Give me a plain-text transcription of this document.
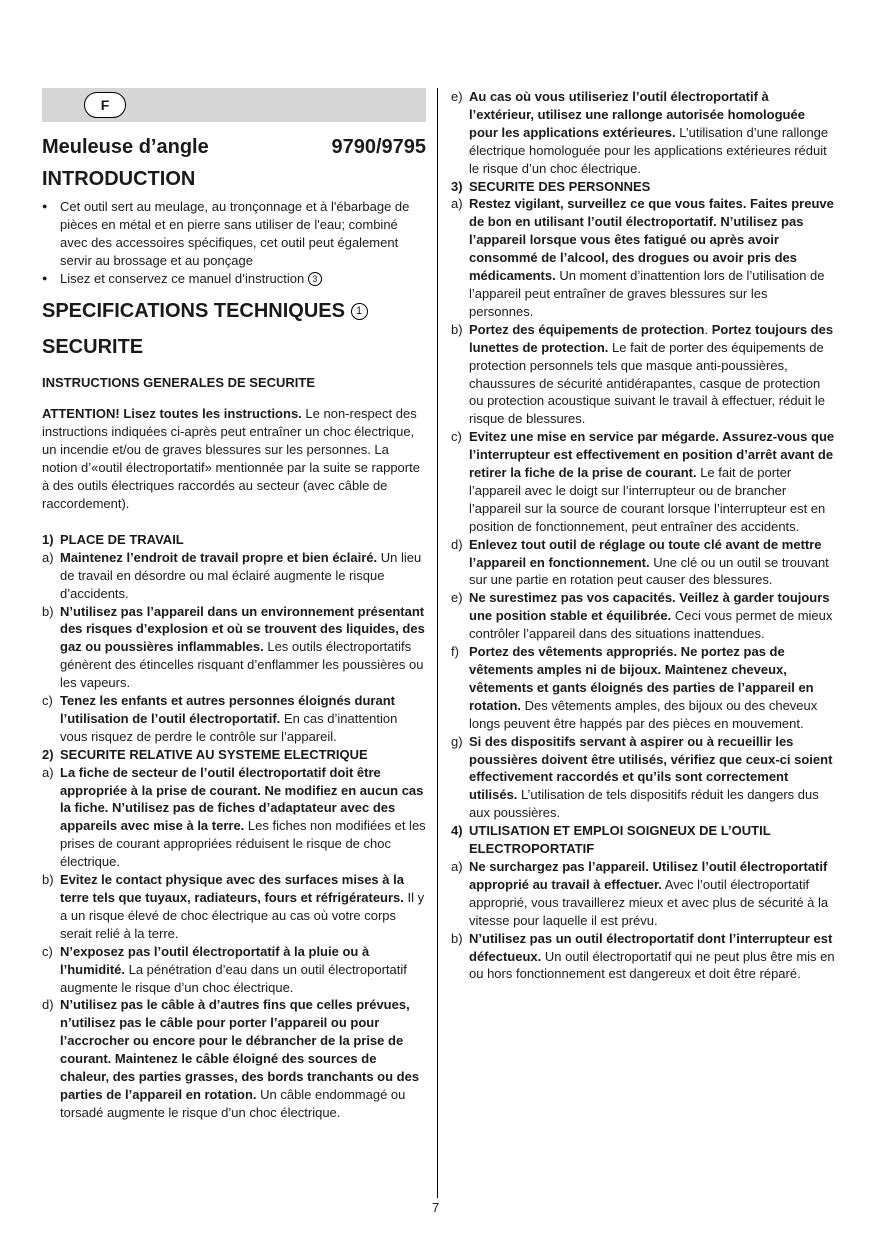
F
Meuleuse d’angle	9790/9795
INTRODUCTION
● Cet outil sert au meulage, au tronçonnage et à l'ébarbage de pièces en métal et en pierre sans utiliser de l'eau; combiné avec des accessoires spécifiques, cet outil peut également servir au brossage et au ponçage
● Lisez et conservez ce manuel d’instruction 3
SPECIFICATIONS TECHNIQUES 1
SECURITE
INSTRUCTIONS GENERALES DE SECURITE
ATTENTION! Lisez toutes les instructions. Le non-respect des instructions indiquées ci-après peut entraîner un choc électrique, un incendie et/ou de graves blessures sur les personnes. La notion d’«outil électroportatif» mentionnée par la suite se rapporte à des outils électriques raccordés au secteur (avec câble de raccordement).
1) PLACE DE TRAVAIL
a) Maintenez l’endroit de travail propre et bien éclairé. Un lieu de travail en désordre ou mal éclairé augmente le risque d’accidents.
b) N’utilisez pas l’appareil dans un environnement présentant des risques d’explosion et où se trouvent des liquides, des gaz ou poussières inflammables. Les outils électroportatifs génèrent des étincelles risquant d’enflammer les poussières ou les vapeurs.
c) Tenez les enfants et autres personnes éloignés durant l’utilisation de l’outil électroportatif. En cas d’inattention vous risquez de perdre le contrôle sur l’appareil.
2) SECURITE RELATIVE AU SYSTEME ELECTRIQUE
a) La fiche de secteur de l’outil électroportatif doit être appropriée à la prise de courant. Ne modifiez en aucun cas la fiche. N’utilisez pas de fiches d’adaptateur avec des appareils avec mise à la terre. Les fiches non modifiées et les prises de courant appropriées réduisent le risque de choc électrique.
b) Evitez le contact physique avec des surfaces mises à la terre tels que tuyaux, radiateurs, fours et réfrigérateurs. Il y a un risque élevé de choc électrique au cas où votre corps serait relié à la terre.
c) N’exposez pas l’outil électroportatif à la pluie ou à l’humidité. La pénétration d’eau dans un outil électroportatif augmente le risque d’un choc électrique.
d) N’utilisez pas le câble à d’autres fins que celles prévues, n’utilisez pas le câble pour porter l’appareil ou pour l’accrocher ou encore pour le débrancher de la prise de courant. Maintenez le câble éloigné des sources de chaleur, des parties grasses, des bords tranchants ou des parties de l’appareil en rotation. Un câble endommagé ou torsadé augmente le risque d’un choc électrique.
e) Au cas où vous utiliseriez l’outil électroportatif à l’extérieur, utilisez une rallonge autorisée homologuée pour les applications extérieures. L’utilisation d’une rallonge électrique homologuée pour les applications extérieures réduit le risque d’un choc électrique.
3) SECURITE DES PERSONNES
a) Restez vigilant, surveillez ce que vous faites. Faites preuve de bon en utilisant l’outil électroportatif. N’utilisez pas l’appareil lorsque vous êtes fatigué ou après avoir consommé de l’alcool, des drogues ou avoir pris des médicaments. Un moment d’inattention lors de l’utilisation de l’appareil peut entraîner de graves blessures sur les personnes.
b) Portez des équipements de protection. Portez toujours des lunettes de protection. Le fait de porter des équipements de protection personnels tels que masque anti-poussières, chaussures de sécurité antidérapantes, casque de protection ou protection acoustique suivant le travail à effectuer, réduit le risque de blessures.
c) Evitez une mise en service par mégarde. Assurez-vous que l’interrupteur est effectivement en position d’arrêt avant de retirer la fiche de la prise de courant. Le fait de porter l’appareil avec le doigt sur l’interrupteur ou de brancher l’appareil sur la source de courant lorsque l’interrupteur est en position de fonctionnement, peut entraîner des accidents.
d) Enlevez tout outil de réglage ou toute clé avant de mettre l’appareil en fonctionnement. Une clé ou un outil se trouvant sur une partie en rotation peut causer des blessures.
e) Ne surestimez pas vos capacités. Veillez à garder toujours une position stable et équilibrée. Ceci vous permet de mieux contrôler l’appareil dans des situations inattendues.
f) Portez des vêtements appropriés. Ne portez pas de vêtements amples ni de bijoux. Maintenez cheveux, vêtements et gants éloignés des parties de l’appareil en rotation. Des vêtements amples, des bijoux ou des cheveux longs peuvent être happés par des pièces en mouvement.
g) Si des dispositifs servant à aspirer ou à recueillir les poussières doivent être utilisés, vérifiez que ceux-ci soient effectivement raccordés et qu’ils sont correctement utilisés. L’utilisation de tels dispositifs réduit les dangers dus aux poussières.
4) UTILISATION ET EMPLOI SOIGNEUX DE L’OUTIL ELECTROPORTATIF
a) Ne surchargez pas l’appareil. Utilisez l’outil électroportatif approprié au travail à effectuer. Avec l’outil électroportatif approprié, vous travaillerez mieux et avec plus de sécurité à la vitesse pour laquelle il est prévu.
b) N’utilisez pas un outil électroportatif dont l’interrupteur est défectueux. Un outil électroportatif qui ne peut plus être mis en ou hors fonctionnement est dangereux et doit être réparé.
7
